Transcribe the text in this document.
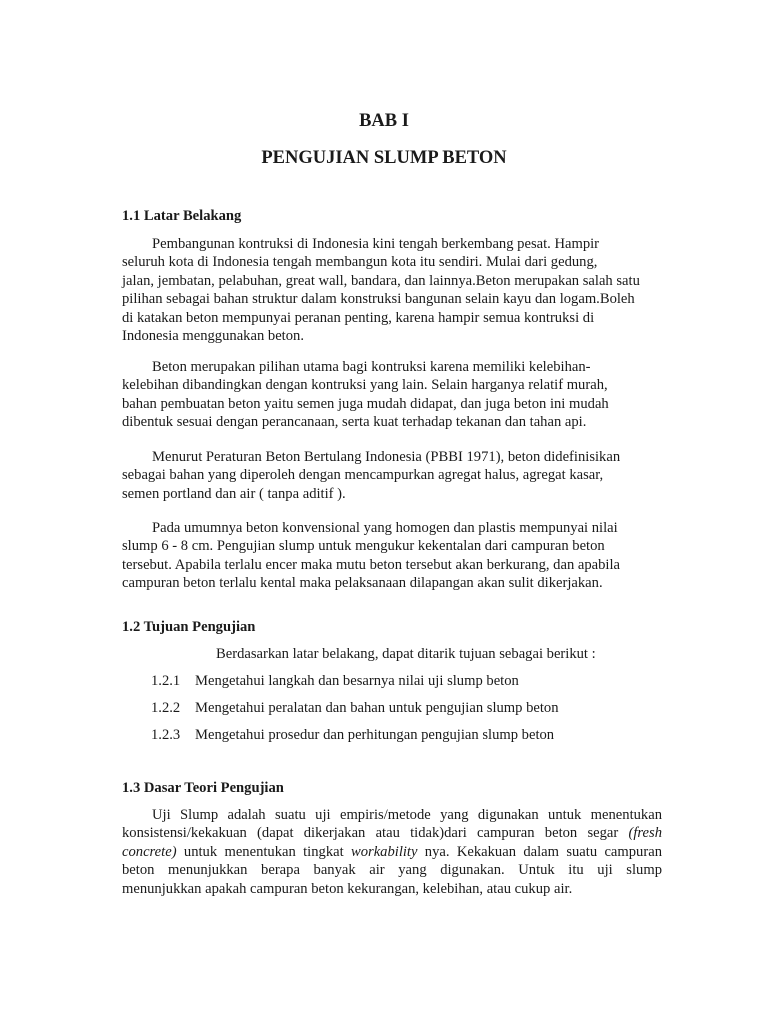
BAB I
PENGUJIAN SLUMP BETON
1.1 Latar Belakang

Pembangunan kontruksi di Indonesia kini tengah berkembang pesat. Hampir
seluruh kota di Indonesia tengah membangun kota itu sendiri. Mulai dari gedung,
jalan, jembatan, pelabuhan, great wall, bandara, dan lainnya.Beton merupakan salah satu
pilihan sebagai bahan struktur dalam konstruksi bangunan selain kayu dan logam.Boleh
di katakan beton mempunyai peranan penting, karena hampir semua kontruksi di
Indonesia menggunakan beton.

Beton merupakan pilihan utama bagi kontruksi karena memiliki kelebihan-
kelebihan dibandingkan dengan kontruksi yang lain. Selain harganya relatif murah,
bahan pembuatan beton yaitu semen juga mudah didapat, dan juga beton ini mudah
dibentuk sesuai dengan perancanaan, serta kuat terhadap tekanan dan tahan api.

Menurut Peraturan Beton Bertulang Indonesia (PBBI 1971), beton didefinisikan
sebagai bahan yang diperoleh dengan mencampurkan agregat halus, agregat kasar,
semen portland dan air ( tanpa aditif ).

Pada umumnya beton konvensional yang homogen dan plastis mempunyai nilai
slump 6 - 8 cm. Pengujian slump untuk mengukur kekentalan dari campuran beton
tersebut. Apabila terlalu encer maka mutu beton tersebut akan berkurang, dan apabila
campuran beton terlalu kental maka pelaksanaan dilapangan akan sulit dikerjakan.

1.2 Tujuan Pengujian
Berdasarkan latar belakang, dapat ditarik tujuan sebagai berikut :
1.2.1 Mengetahui langkah dan besarnya nilai uji slump beton
1.2.2 Mengetahui peralatan dan bahan untuk pengujian slump beton
1.2.3 Mengetahui prosedur dan perhitungan pengujian slump beton
1.3 Dasar Teori Pengujian
Uji Slump adalah suatu uji empiris/metode yang digunakan untuk menentukan
konsistensi/kekakuan (dapat dikerjakan atau tidak)dari campuran beton segar (fresh
concrete) untuk menentukan tingkat workability nya. Kekakuan dalam suatu campuran
beton menunjukkan berapa banyak air yang digunakan. Untuk itu uji slump
menunjukkan apakah campuran beton kekurangan, kelebihan, atau cukup air.
